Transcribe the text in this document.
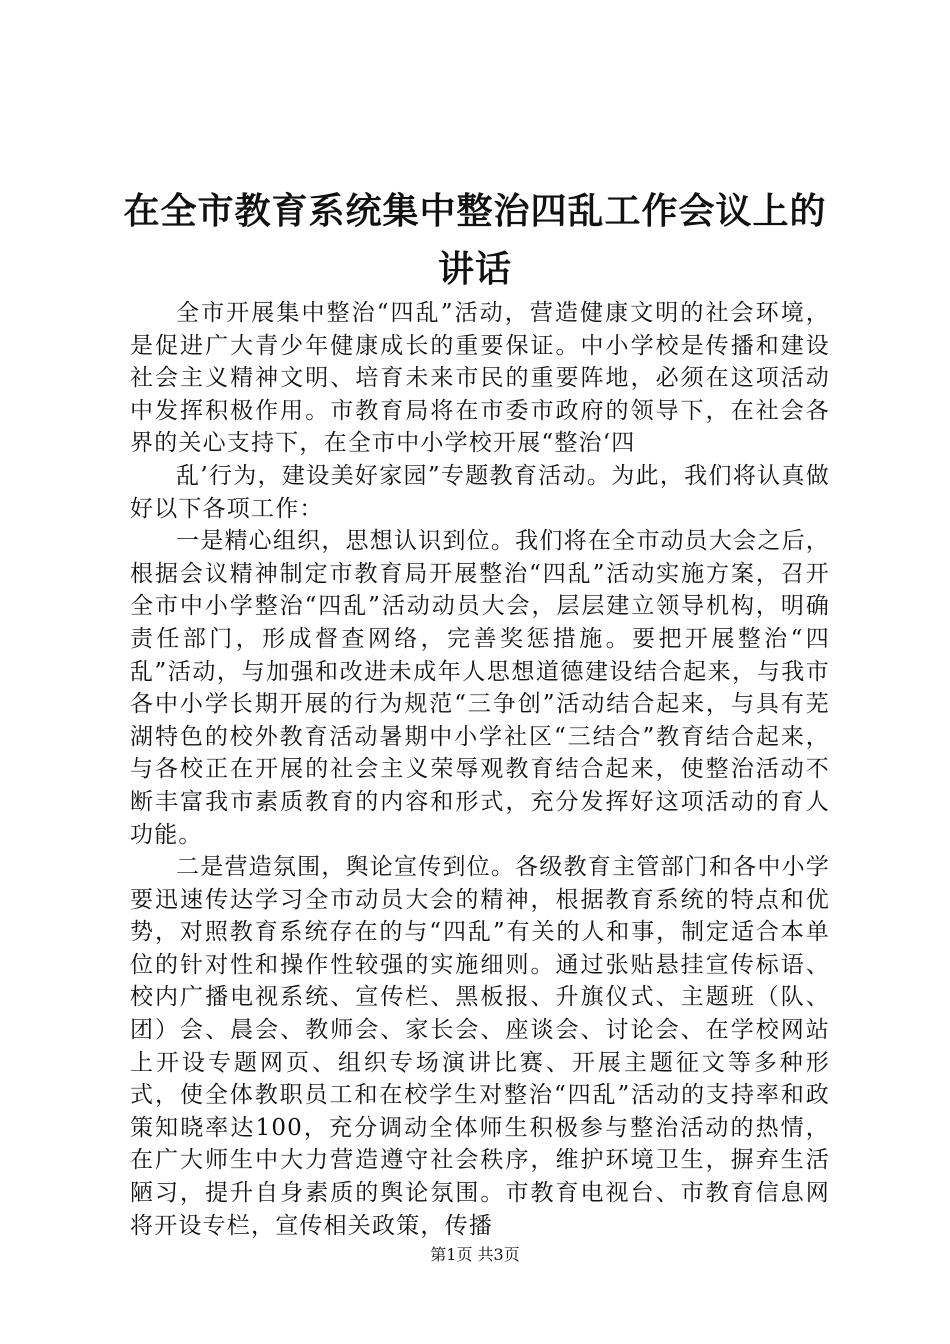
在全市教育系统集中整治四乱工作会议上的讲话

全市开展集中整治“四乱”活动，营造健康文明的社会环境，是促进广大青少年健康成长的重要保证。中小学校是传播和建设社会主义精神文明、培育未来市民的重要阵地，必须在这项活动中发挥积极作用。市教育局将在市委市政府的领导下，在社会各界的关心支持下，在全市中小学校开展“整治‘四

乱’行为，建设美好家园”专题教育活动。为此，我们将认真做好以下各项工作：

一是精心组织，思想认识到位。我们将在全市动员大会之后，根据会议精神制定市教育局开展整治“四乱”活动实施方案，召开全市中小学整治“四乱”活动动员大会，层层建立领导机构，明确责任部门，形成督查网络，完善奖惩措施。要把开展整治“四乱”活动，与加强和改进未成年人思想道德建设结合起来，与我市各中小学长期开展的行为规范“三争创”活动结合起来，与具有芜湖特色的校外教育活动暑期中小学社区“三结合”教育结合起来，与各校正在开展的社会主义荣辱观教育结合起来，使整治活动不断丰富我市素质教育的内容和形式，充分发挥好这项活动的育人功能。

二是营造氛围，舆论宣传到位。各级教育主管部门和各中小学要迅速传达学习全市动员大会的精神，根据教育系统的特点和优势，对照教育系统存在的与“四乱”有关的人和事，制定适合本单位的针对性和操作性较强的实施细则。通过张贴悬挂宣传标语、校内广播电视系统、宣传栏、黑板报、升旗仪式、主题班（队、团）会、晨会、教师会、家长会、座谈会、讨论会、在学校网站上开设专题网页、组织专场演讲比赛、开展主题征文等多种形式，使全体教职员工和在校学生对整治“四乱”活动的支持率和政策知晓率达100，充分调动全体师生积极参与整治活动的热情，在广大师生中大力营造遵守社会秩序，维护环境卫生，摒弃生活陋习，提升自身素质的舆论氛围。市教育电视台、市教育信息网将开设专栏，宣传相关政策，传播

第1页 共3页
